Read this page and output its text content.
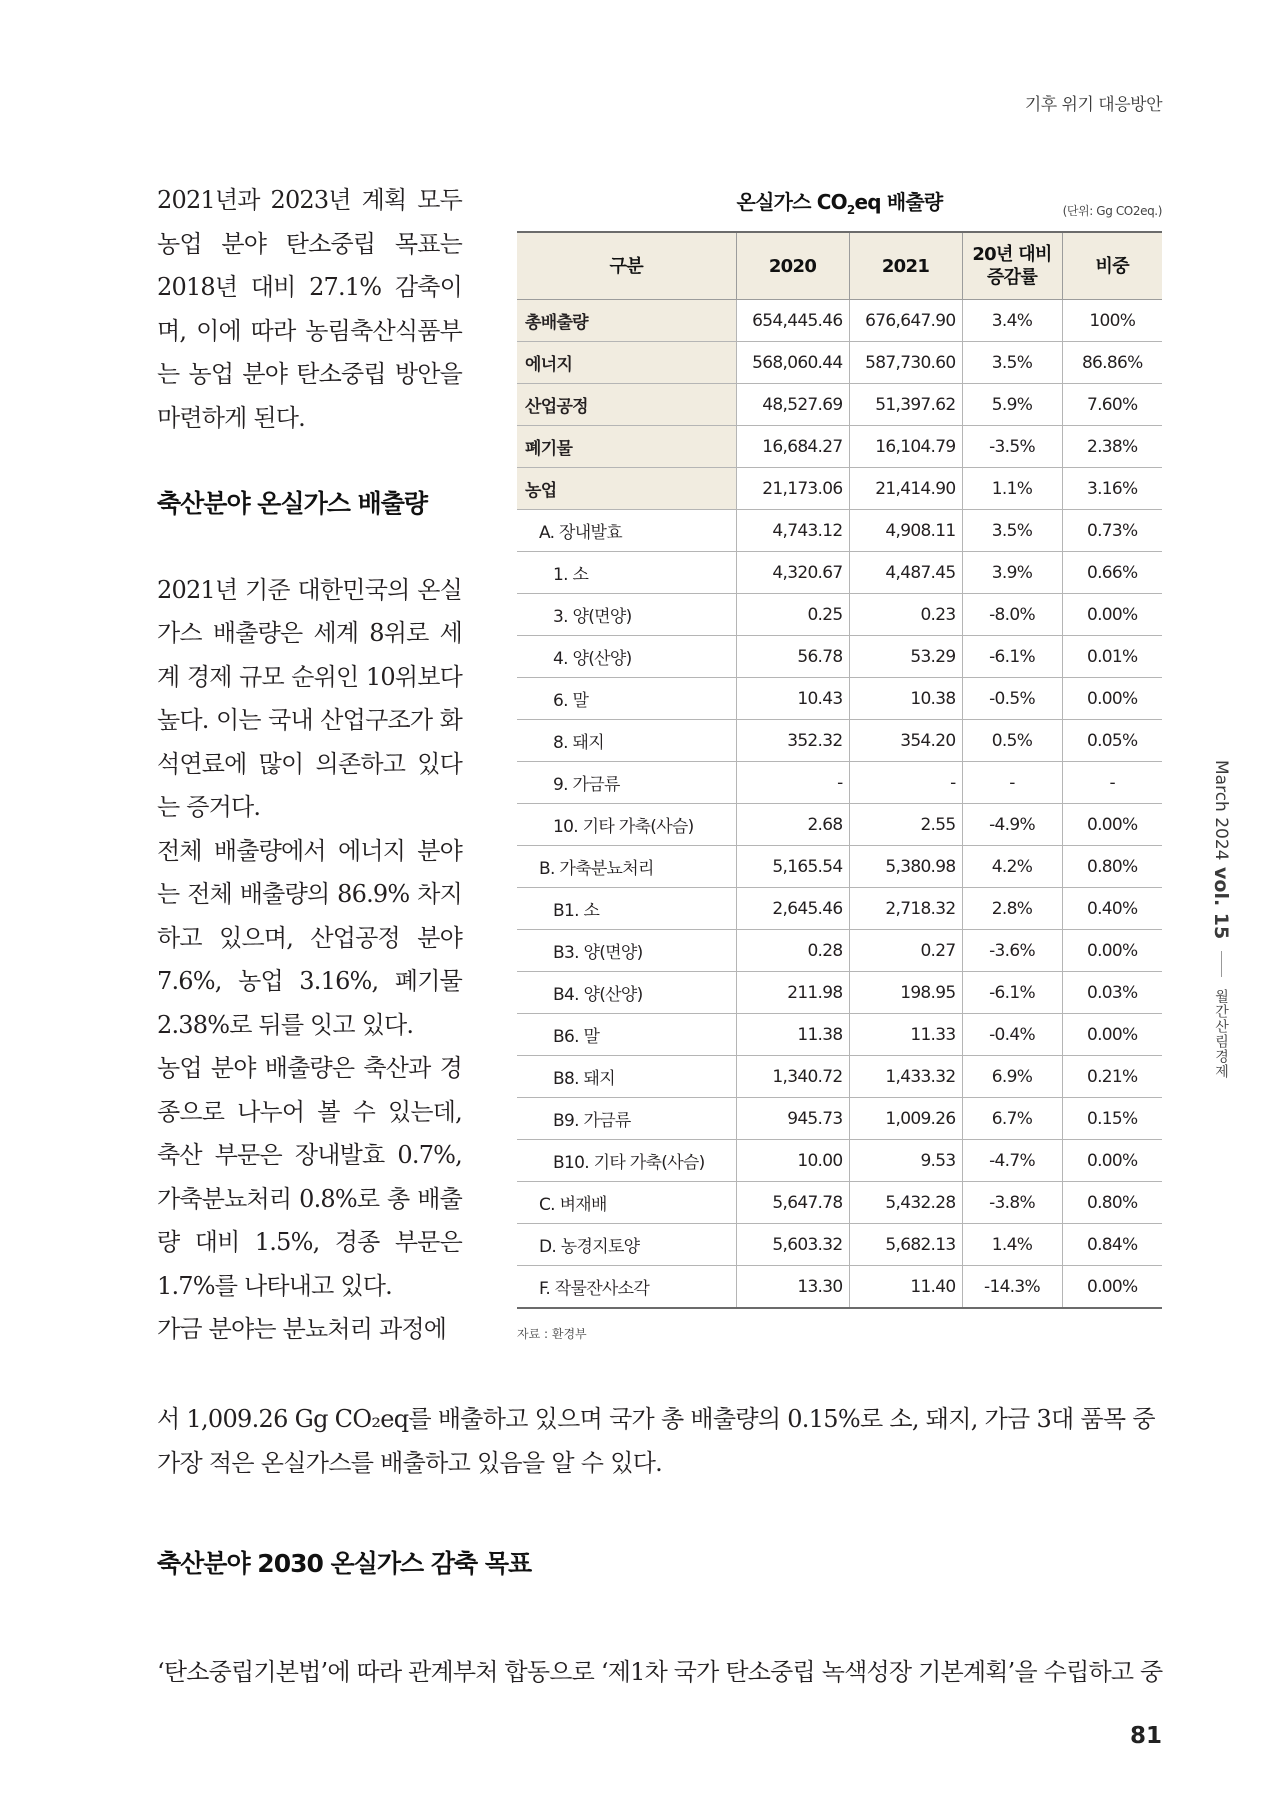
기후 위기 대응방안
March 2024
vol. 15
월간산림경제

2021년과 2023년 계획 모두 농업 분야 탄소중립 목표는 2018년 대비 27.1% 감축이며, 이에 따라 농림축산식품부는 농업 분야 탄소중립 방안을 마련하게 된다.

축산분야 온실가스 배출량

2021년 기준 대한민국의 온실가스 배출량은 세계 8위로 세계 경제 규모 순위인 10위보다 높다. 이는 국내 산업구조가 화석연료에 많이 의존하고 있다는 증거다.

전체 배출량에서 에너지 분야는 전체 배출량의 86.9% 차지하고 있으며, 산업공정 분야 7.6%, 농업 3.16%, 폐기물 2.38%로 뒤를 잇고 있다.

농업 분야 배출량은 축산과 경종으로 나누어 볼 수 있는데, 축산 부문은 장내발효 0.7%, 가축분뇨처리 0.8%로 총 배출량 대비 1.5%, 경종 부문은 1.7%를 나타내고 있다.

가금 분야는 분뇨처리 과정에

서 1,009.26 Gg CO₂eq를 배출하고 있으며 국가 총 배출량의 0.15%로 소, 돼지, 가금 3대 품목 중 가장 적은 온실가스를 배출하고 있음을 알 수 있다.

축산분야 2030 온실가스 감축 목표

‘탄소중립기본법’에 따라 관계부처 합동으로 ‘제1차 국가 탄소중립 녹색성장 기본계획’을 수립하고 중

온실가스 $CO_2eq$ 배출량	(단위: Gg CO2eq.)
구분	2020	2021	20년 대비 증감률	비중
총배출량	654,445.46	676,647.90	3.4%	100%
에너지	568,060.44	587,730.60	3.5%	86.86%
산업공정	48,527.69	51,397.62	5.9%	7.60%
폐기물	16,684.27	16,104.79	-3.5%	2.38%
농업	21,173.06	21,414.90	1.1%	3.16%
A. 장내발효	4,743.12	4,908.11	3.5%	0.73%
1. 소	4,320.67	4,487.45	3.9%	0.66%
3. 양(면양)	0.25	0.23	-8.0%	0.00%
4. 양(산양)	56.78	53.29	-6.1%	0.01%
6. 말	10.43	10.38	-0.5%	0.00%
8. 돼지	352.32	354.20	0.5%	0.05%
9. 가금류	-	-	-	-
10. 기타 가축(사슴)	2.68	2.55	-4.9%	0.00%
B. 가축분뇨처리	5,165.54	5,380.98	4.2%	0.80%
B1. 소	2,645.46	2,718.32	2.8%	0.40%
B3. 양(면양)	0.28	0.27	-3.6%	0.00%
B4. 양(산양)	211.98	198.95	-6.1%	0.03%
B6. 말	11.38	11.33	-0.4%	0.00%
B8. 돼지	1,340.72	1,433.32	6.9%	0.21%
B9. 가금류	945.73	1,009.26	6.7%	0.15%
B10. 기타 가축(사슴)	10.00	9.53	-4.7%	0.00%
C. 벼재배	5,647.78	5,432.28	-3.8%	0.80%
D. 농경지토양	5,603.32	5,682.13	1.4%	0.84%
F. 작물잔사소각	13.30	11.40	-14.3%	0.00%
자료 : 환경부
81
